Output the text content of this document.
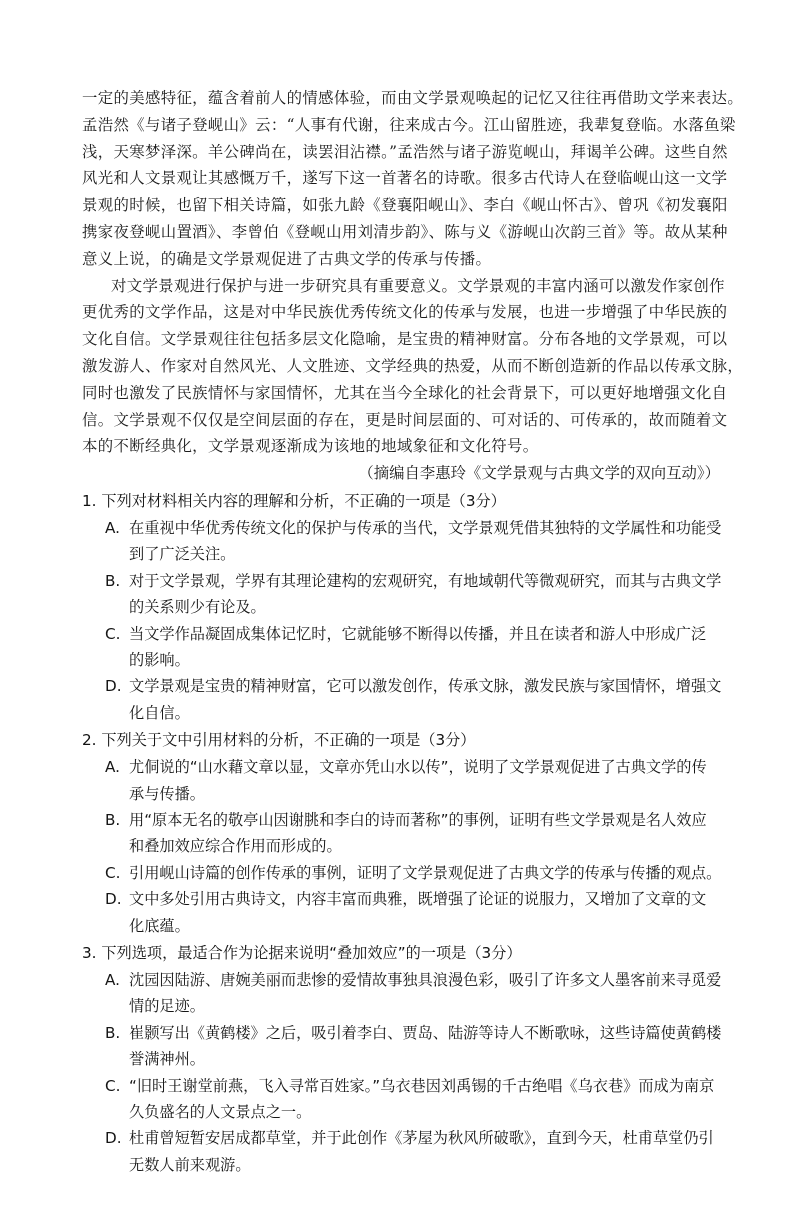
一定的美感特征，蕴含着前人的情感体验，而由文学景观唤起的记忆又往往再借助文学来表达。

孟浩然《与诸子登岘山》云：“人事有代谢，往来成古今。江山留胜迹，我辈复登临。水落鱼梁

浅，天寒梦泽深。羊公碑尚在，读罢泪沾襟。”孟浩然与诸子游览岘山，拜谒羊公碑。这些自然

风光和人文景观让其感慨万千，遂写下这一首著名的诗歌。很多古代诗人在登临岘山这一文学

景观的时候，也留下相关诗篇，如张九龄《登襄阳岘山》、李白《岘山怀古》、曾巩《初发襄阳

携家夜登岘山置酒》、李曾伯《登岘山用刘清步韵》、陈与义《游岘山次韵三首》等。故从某种

意义上说，的确是文学景观促进了古典文学的传承与传播。

对文学景观进行保护与进一步研究具有重要意义。文学景观的丰富内涵可以激发作家创作

更优秀的文学作品，这是对中华民族优秀传统文化的传承与发展，也进一步增强了中华民族的

文化自信。文学景观往往包括多层文化隐喻，是宝贵的精神财富。分布各地的文学景观，可以

激发游人、作家对自然风光、人文胜迹、文学经典的热爱，从而不断创造新的作品以传承文脉，

同时也激发了民族情怀与家国情怀，尤其在当今全球化的社会背景下，可以更好地增强文化自

信。文学景观不仅仅是空间层面的存在，更是时间层面的、可对话的、可传承的，故而随着文

本的不断经典化，文学景观逐渐成为该地的地域象征和文化符号。

（摘编自李惠玲《文学景观与古典文学的双向互动》）

1. 下列对材料相关内容的理解和分析，不正确的一项是（3分）

A. 在重视中华优秀传统文化的保护与传承的当代，文学景观凭借其独特的文学属性和功能受

到了广泛关注。

B. 对于文学景观，学界有其理论建构的宏观研究，有地域朝代等微观研究，而其与古典文学

的关系则少有论及。

C. 当文学作品凝固成集体记忆时，它就能够不断得以传播，并且在读者和游人中形成广泛

的影响。

D. 文学景观是宝贵的精神财富，它可以激发创作，传承文脉，激发民族与家国情怀，增强文

化自信。

2. 下列关于文中引用材料的分析，不正确的一项是（3分）

A. 尤侗说的“山水藉文章以显，文章亦凭山水以传”，说明了文学景观促进了古典文学的传

承与传播。

B. 用“原本无名的敬亭山因谢朓和李白的诗而著称”的事例，证明有些文学景观是名人效应

和叠加效应综合作用而形成的。

C. 引用岘山诗篇的创作传承的事例，证明了文学景观促进了古典文学的传承与传播的观点。

D. 文中多处引用古典诗文，内容丰富而典雅，既增强了论证的说服力，又增加了文章的文

化底蕴。

3. 下列选项，最适合作为论据来说明“叠加效应”的一项是（3分）

A. 沈园因陆游、唐婉美丽而悲惨的爱情故事独具浪漫色彩，吸引了许多文人墨客前来寻觅爱

情的足迹。

B. 崔颢写出《黄鹤楼》之后，吸引着李白、贾岛、陆游等诗人不断歌咏，这些诗篇使黄鹤楼

誉满神州。

C. “旧时王谢堂前燕，飞入寻常百姓家。”乌衣巷因刘禹锡的千古绝唱《乌衣巷》而成为南京

久负盛名的人文景点之一。

D. 杜甫曾短暂安居成都草堂，并于此创作《茅屋为秋风所破歌》，直到今天，杜甫草堂仍引

无数人前来观游。
